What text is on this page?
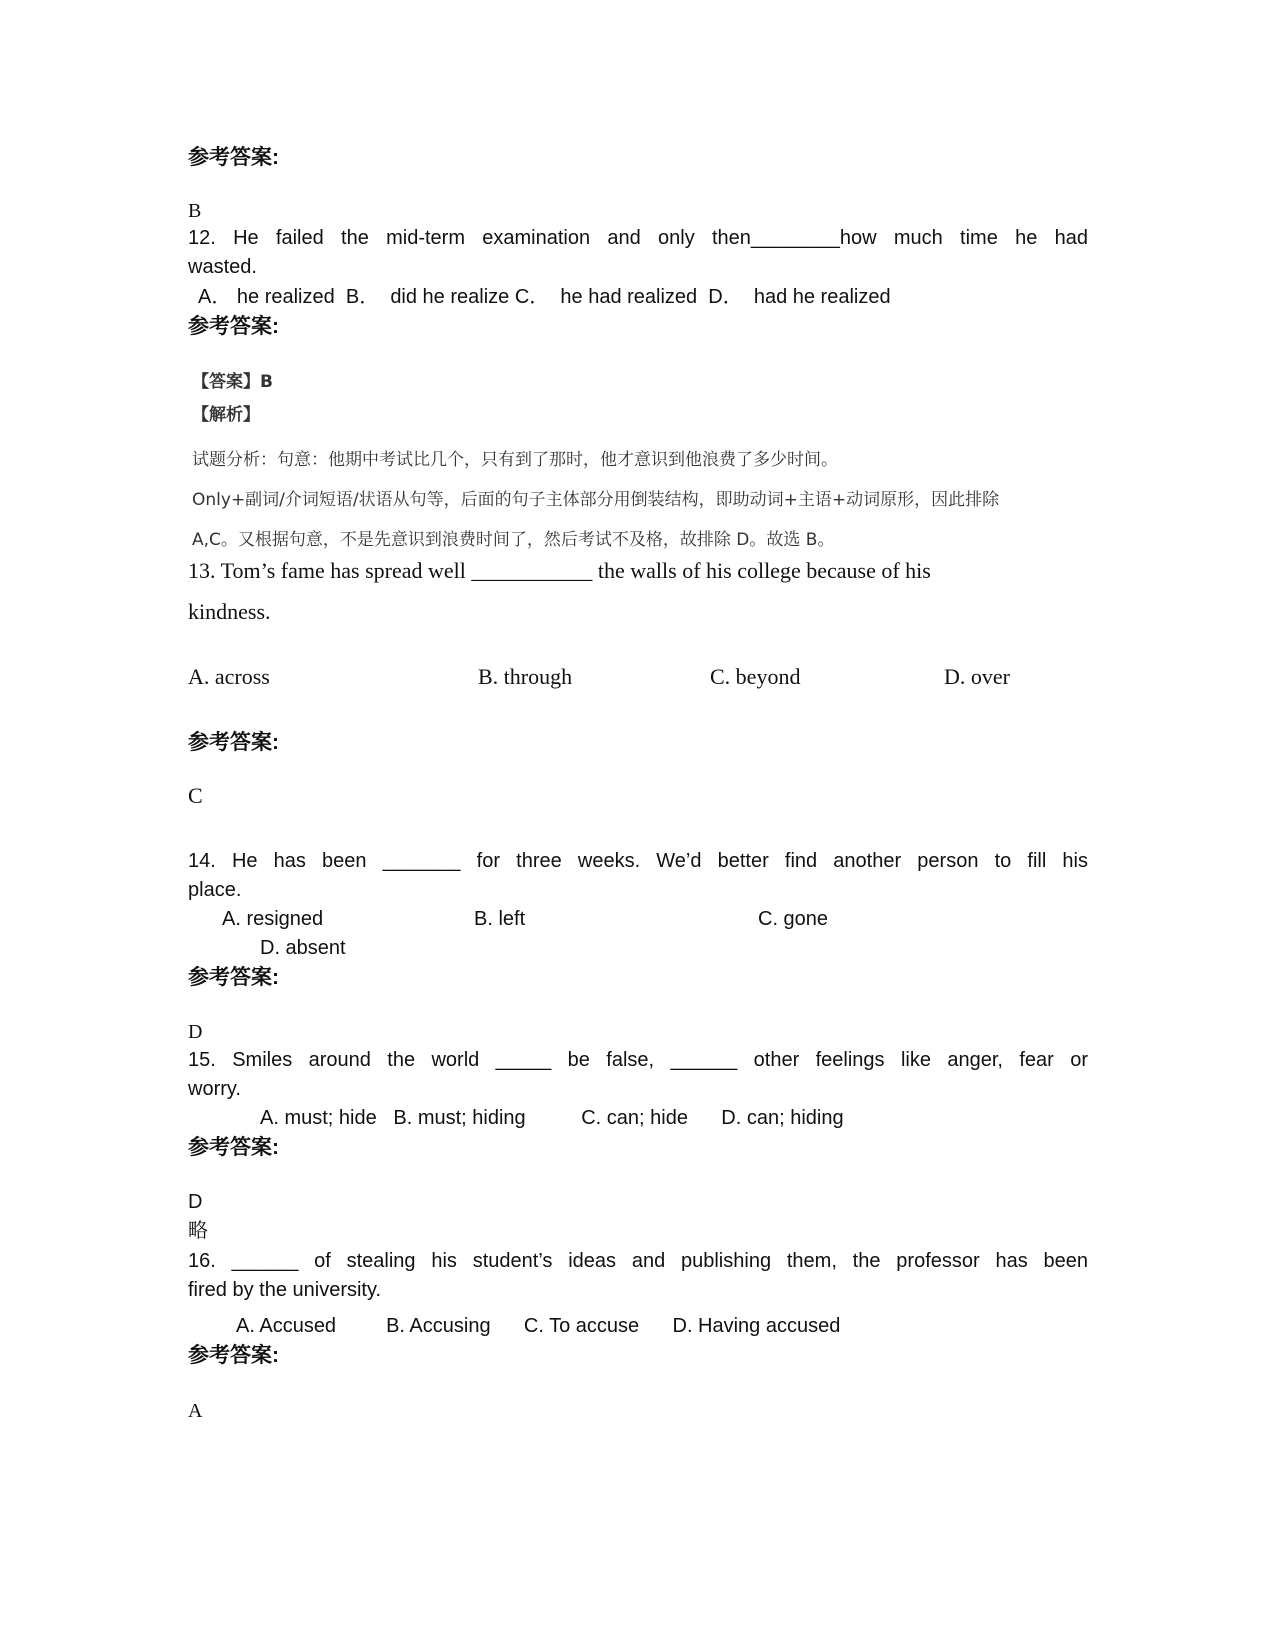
参考答案:
B
12. He failed the mid-term examination and only then________how much time he had
wasted.
A． he realized  B．  did he realize C．  he had realized  D．  had he realized
参考答案:
【答案】B
【解析】
试题分析：句意：他期中考试比几个，只有到了那时，他才意识到他浪费了多少时间。
Only+副词/介词短语/状语从句等，后面的句子主体部分用倒装结构，即助动词+主语+动词原形，因此排除
A,C。又根据句意，不是先意识到浪费时间了，然后考试不及格，故排除 D。故选 B。
13. Tom’s fame has spread well ___________ the walls of his college because of his
kindness.
A. across	B. through	C. beyond	D. over
参考答案:
C
14. He has been _______ for three weeks. We’d better find another person to fill his
place.
A. resigned	B. left	C. gone
D. absent
参考答案:
D
15. Smiles around the world _____ be false, ______ other feelings like anger, fear or
worry.
A. must; hide   B. must; hiding          C. can; hide      D. can; hiding
参考答案:
D
略
16. ______ of stealing his student’s ideas and publishing them, the professor has been
fired by the university.
A. Accused         B. Accusing      C. To accuse      D. Having accused
参考答案:
A
